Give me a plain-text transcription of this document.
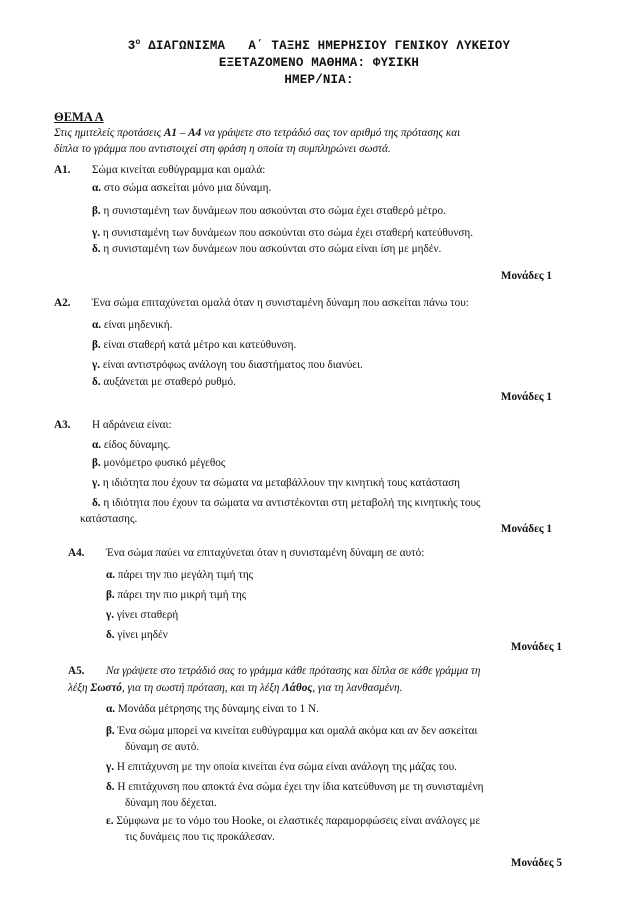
$3^o$ ΔΙΑΓΩΝΙΣΜΑ   Α΄ ΤΑΞΗΣ ΗΜΕΡΗΣΙΟΥ ΓΕΝΙΚΟΥ ΛΥΚΕΙΟΥ
ΕΞΕΤΑΖΟΜΕΝΟ ΜΑΘΗΜΑ: ΦΥΣΙΚΗ
ΗΜΕΡ/ΝΙΑ:
ΘΕΜΑ Α
Στις ημιτελείς προτάσεις Α1 – Α4 να γράψετε στο τετράδιό σας τον αριθμό της πρότασης και
δίπλα το γράμμα που αντιστοιχεί στη φράση η οποία τη συμπληρώνει σωστά.
Α1. Σώμα κινείται ευθύγραμμα και ομαλά:
α. στο σώμα ασκείται μόνο μια δύναμη.
β. η συνισταμένη των δυνάμεων που ασκούνται στο σώμα έχει σταθερό μέτρο.
γ. η συνισταμένη των δυνάμεων που ασκούνται στο σώμα έχει σταθερή κατεύθυνση.
δ. η συνισταμένη των δυνάμεων που ασκούνται στο σώμα είναι ίση με μηδέν.
Μονάδες 1
Α2. Ένα σώμα επιταχύνεται ομαλά όταν η συνισταμένη δύναμη που ασκείται πάνω του:
α. είναι μηδενική.
β. είναι σταθερή κατά μέτρο και κατεύθυνση.
γ. είναι αντιστρόφως ανάλογη του διαστήματος που διανύει.
δ. αυξάνεται με σταθερό ρυθμό.
Μονάδες 1
Α3. Η αδράνεια είναι:
α. είδος δύναμης.
β. μονόμετρο φυσικό μέγεθος
γ. η ιδιότητα που έχουν τα σώματα να μεταβάλλουν την κινητική τους κατάσταση
δ. η ιδιότητα που έχουν τα σώματα να αντιστέκονται στη μεταβολή της κινητικής τους
κατάστασης.
Μονάδες 1
Α4. Ένα σώμα παύει να επιταχύνεται όταν η συνισταμένη δύναμη σε αυτό:
α. πάρει την πιο μεγάλη τιμή της
β. πάρει την πιο μικρή τιμή της
γ. γίνει σταθερή
δ. γίνει μηδέν
Μονάδες 1
Α5. Να γράψετε στο τετράδιό σας το γράμμα κάθε πρότασης και δίπλα σε κάθε γράμμα τη
λέξη Σωστό, για τη σωστή πρόταση, και τη λέξη Λάθος, για τη λανθασμένη.
α. Μονάδα μέτρησης της δύναμης είναι το 1 Ν.
β. Ένα σώμα μπορεί να κινείται ευθύγραμμα και ομαλά ακόμα και αν δεν ασκείται
δύναμη σε αυτό.
γ. Η επιτάχυνση με την οποία κινείται ένα σώμα είναι ανάλογη της μάζας του.
δ. Η επιτάχυνση που αποκτά ένα σώμα έχει την ίδια κατεύθυνση με τη συνισταμένη
δύναμη που δέχεται.
ε. Σύμφωνα με το νόμο του Hooke, οι ελαστικές παραμορφώσεις είναι ανάλογες με
τις δυνάμεις που τις προκάλεσαν.
Μονάδες 5
